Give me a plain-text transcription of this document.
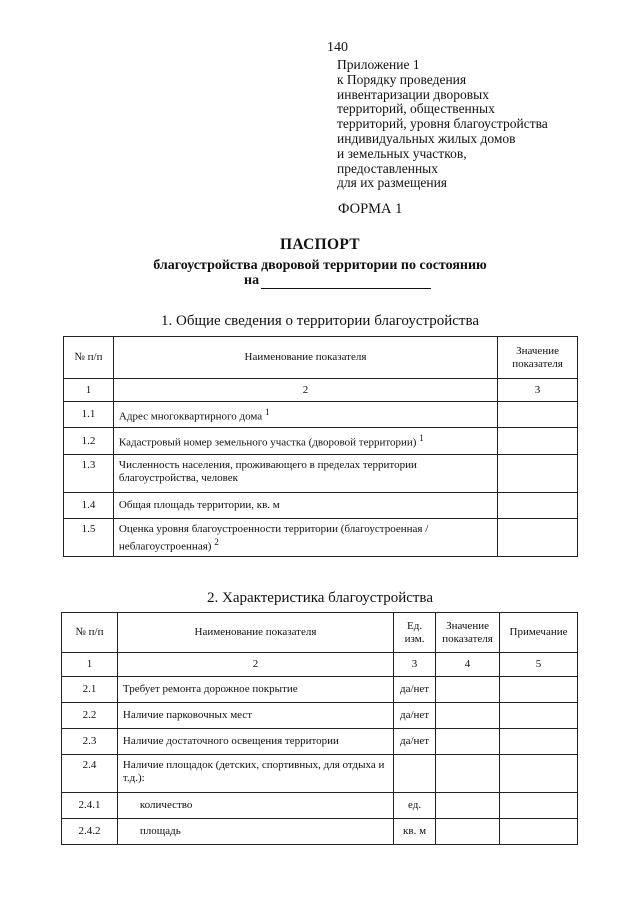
140
Приложение 1
к Порядку проведения
инвентаризации дворовых
территорий, общественных
территорий, уровня благоустройства
индивидуальных жилых домов
и земельных участков,
предоставленных
для их размещения
ФОРМА 1
ПАСПОРТ
благоустройства дворовой территории по состоянию
на
1. Общие сведения о территории благоустройства
№ п/п	Наименование показателя	Значение показателя
1	2	3
1.1	Адрес многоквартирного дома $^1$	
1.2	Кадастровый номер земельного участка (дворовой территории) $^1$	
1.3	Численность населения, проживающего в пределах территории благоустройства, человек	
1.4	Общая площадь территории, кв. м	
1.5	Оценка уровня благоустроенности территории (благоустроенная / неблагоустроенная) $^2$	
2. Характеристика благоустройства
№ п/п	Наименование показателя	Ед. изм.	Значение показателя	Примечание
1	2	3	4	5
2.1	Требует ремонта дорожное покрытие	да/нет		
2.2	Наличие парковочных мест	да/нет		
2.3	Наличие достаточного освещения территории	да/нет		
2.4	Наличие площадок (детских, спортивных, для отдыха и т.д.):			
2.4.1	количество	ед.		
2.4.2	площадь	кв. м		
